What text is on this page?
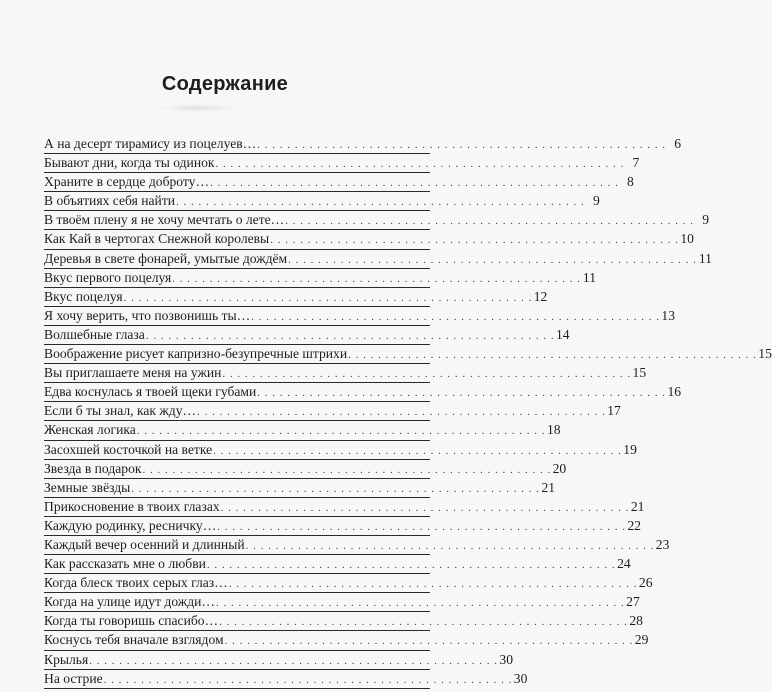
Содержание
А на десерт тирамису из поцелуев… . . . . . . . . . . . . . . . . . . . . . . . . . . . . . . . . . . . . . . . . . . . . . . . . . . . . . . . 6
Бывают дни, когда ты одинок . . . . . . . . . . . . . . . . . . . . . . . . . . . . . . . . . . . . . . . . . . . . . . . . . . . . . . . 7
Храните в сердце доброту… . . . . . . . . . . . . . . . . . . . . . . . . . . . . . . . . . . . . . . . . . . . . . . . . . . . . . . . 8
В объятиях себя найти . . . . . . . . . . . . . . . . . . . . . . . . . . . . . . . . . . . . . . . . . . . . . . . . . . . . . . . 9
В твоём плену я не хочу мечтать о лете… . . . . . . . . . . . . . . . . . . . . . . . . . . . . . . . . . . . . . . . . . . . . . . . . . . . . . . . 9
Как Кай в чертогах Снежной королевы . . . . . . . . . . . . . . . . . . . . . . . . . . . . . . . . . . . . . . . . . . . . . . . . . . . . . . . 10
Деревья в свете фонарей, умытые дождём . . . . . . . . . . . . . . . . . . . . . . . . . . . . . . . . . . . . . . . . . . . . . . . . . . . . . . . 11
Вкус первого поцелуя . . . . . . . . . . . . . . . . . . . . . . . . . . . . . . . . . . . . . . . . . . . . . . . . . . . . . . . 11
Вкус поцелуя . . . . . . . . . . . . . . . . . . . . . . . . . . . . . . . . . . . . . . . . . . . . . . . . . . . . . . . 12
Я хочу верить, что позвонишь ты… . . . . . . . . . . . . . . . . . . . . . . . . . . . . . . . . . . . . . . . . . . . . . . . . . . . . . . . 13
Волшебные глаза . . . . . . . . . . . . . . . . . . . . . . . . . . . . . . . . . . . . . . . . . . . . . . . . . . . . . . . 14
Воображение рисует капризно-безупречные штрихи . . . . . . . . . . . . . . . . . . . . . . . . . . . . . . . . . . . . . . . . . . . . . . . . . . . . . . . 15
Вы приглашаете меня на ужин . . . . . . . . . . . . . . . . . . . . . . . . . . . . . . . . . . . . . . . . . . . . . . . . . . . . . . . 15
Едва коснулась я твоей щеки губами . . . . . . . . . . . . . . . . . . . . . . . . . . . . . . . . . . . . . . . . . . . . . . . . . . . . . . . 16
Если б ты знал, как жду… . . . . . . . . . . . . . . . . . . . . . . . . . . . . . . . . . . . . . . . . . . . . . . . . . . . . . . . 17
Женская логика . . . . . . . . . . . . . . . . . . . . . . . . . . . . . . . . . . . . . . . . . . . . . . . . . . . . . . . 18
Засохшей косточкой на ветке . . . . . . . . . . . . . . . . . . . . . . . . . . . . . . . . . . . . . . . . . . . . . . . . . . . . . . . 19
Звезда в подарок . . . . . . . . . . . . . . . . . . . . . . . . . . . . . . . . . . . . . . . . . . . . . . . . . . . . . . . 20
Земные звёзды . . . . . . . . . . . . . . . . . . . . . . . . . . . . . . . . . . . . . . . . . . . . . . . . . . . . . . . 21
Прикосновение в твоих глазах . . . . . . . . . . . . . . . . . . . . . . . . . . . . . . . . . . . . . . . . . . . . . . . . . . . . . . . 21
Каждую родинку, ресничку… . . . . . . . . . . . . . . . . . . . . . . . . . . . . . . . . . . . . . . . . . . . . . . . . . . . . . . . 22
Каждый вечер осенний и длинный . . . . . . . . . . . . . . . . . . . . . . . . . . . . . . . . . . . . . . . . . . . . . . . . . . . . . . . 23
Как рассказать мне о любви . . . . . . . . . . . . . . . . . . . . . . . . . . . . . . . . . . . . . . . . . . . . . . . . . . . . . . . 24
Когда блеск твоих серых глаз… . . . . . . . . . . . . . . . . . . . . . . . . . . . . . . . . . . . . . . . . . . . . . . . . . . . . . . . 26
Когда на улице идут дожди… . . . . . . . . . . . . . . . . . . . . . . . . . . . . . . . . . . . . . . . . . . . . . . . . . . . . . . . 27
Когда ты говоришь спасибо… . . . . . . . . . . . . . . . . . . . . . . . . . . . . . . . . . . . . . . . . . . . . . . . . . . . . . . . 28
Коснусь тебя вначале взглядом . . . . . . . . . . . . . . . . . . . . . . . . . . . . . . . . . . . . . . . . . . . . . . . . . . . . . . . 29
Крылья . . . . . . . . . . . . . . . . . . . . . . . . . . . . . . . . . . . . . . . . . . . . . . . . . . . . . . . 30
На острие . . . . . . . . . . . . . . . . . . . . . . . . . . . . . . . . . . . . . . . . . . . . . . . . . . . . . . . 30
